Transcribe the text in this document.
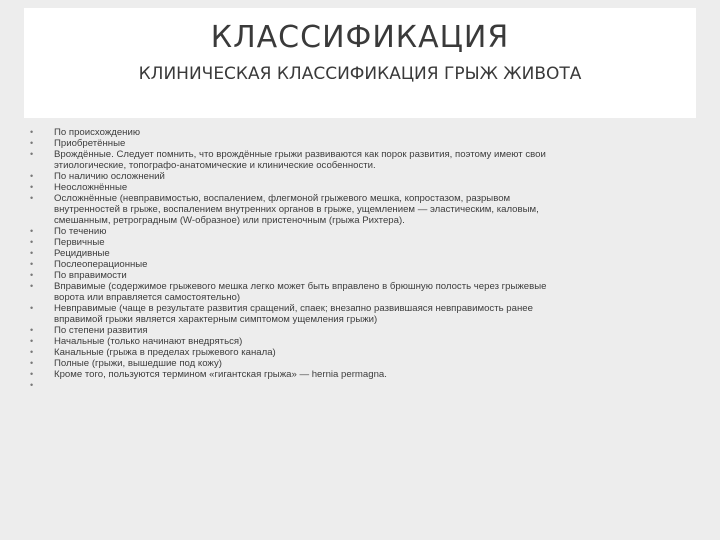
КЛАССИФИКАЦИЯ
КЛИНИЧЕСКАЯ КЛАССИФИКАЦИЯ ГРЫЖ ЖИВОТА
•	По происхождению
•	Приобретённые
•	Врождённые. Следует помнить, что врождённые грыжи развиваются как порок развития, поэтому имеют свои
этиологические, топографо-анатомические и клинические особенности.
•	По наличию осложнений
•	Неосложнённые
•	Осложнённые (невправимостью, воспалением, флегмоной грыжевого мешка, копростазом, разрывом
внутренностей в грыже, воспалением внутренних органов в грыже, ущемлением — эластическим, каловым,
смешанным, ретроградным (W-образное) или пристеночным (грыжа Рихтера).
•	По течению
•	Первичные
•	Рецидивные
•	Послеоперационные
•	По вправимости
•	Вправимые (содержимое грыжевого мешка легко может быть вправлено в брюшную полость через грыжевые
ворота или вправляется самостоятельно)
•	Невправимые (чаще в результате развития сращений, спаек; внезапно развившаяся невправимость ранее
вправимой грыжи является характерным симптомом ущемления грыжи)
•	По степени развития
•	Начальные (только начинают внедряться)
•	Канальные (грыжа в пределах грыжевого канала)
•	Полные (грыжи, вышедшие под кожу)
•	Кроме того, пользуются термином «гигантская грыжа» — hernia permagna.
•
